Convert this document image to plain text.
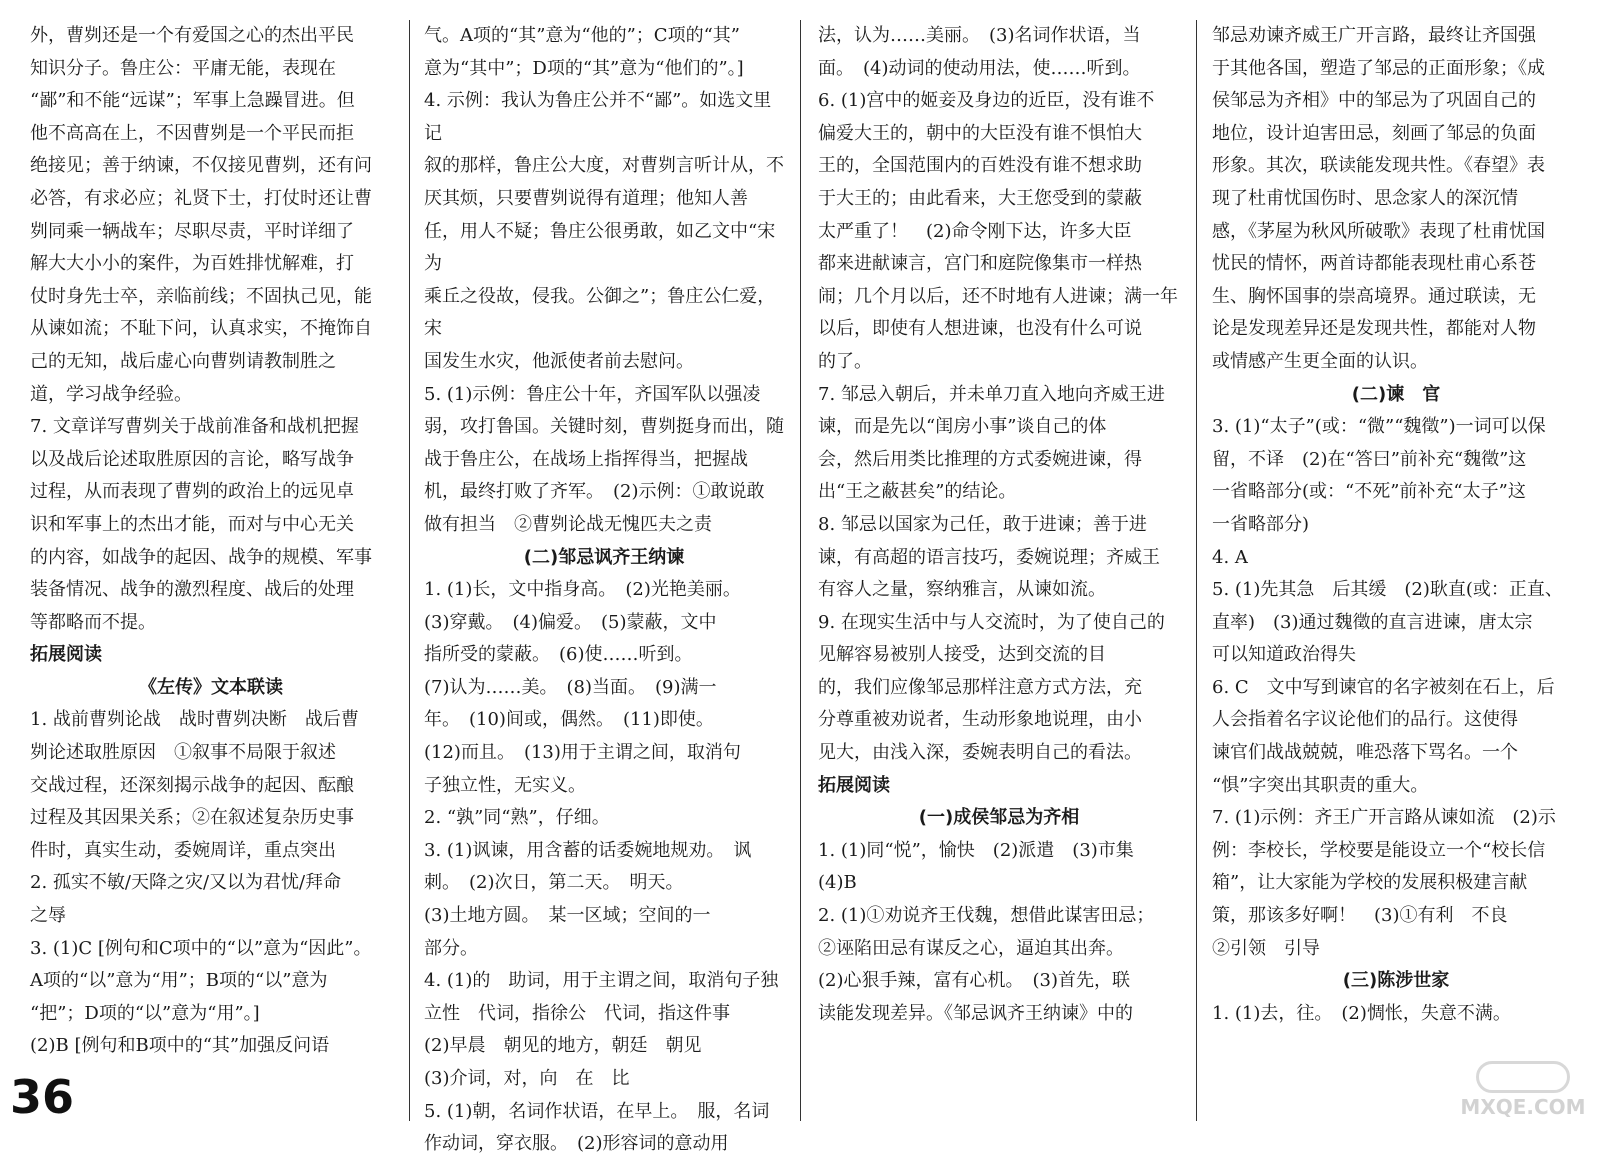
外，曹刿还是一个有爱国之心的杰出平民
知识分子。鲁庄公：平庸无能，表现在
“鄙”和不能“远谋”；军事上急躁冒进。但
他不高高在上，不因曹刿是一个平民而拒
绝接见；善于纳谏，不仅接见曹刿，还有问
必答，有求必应；礼贤下士，打仗时还让曹
刿同乘一辆战车；尽职尽责，平时详细了
解大大小小的案件，为百姓排忧解难，打
仗时身先士卒，亲临前线；不固执己见，能
从谏如流；不耻下问，认真求实，不掩饰自
己的无知，战后虚心向曹刿请教制胜之
道，学习战争经验。
7. 文章详写曹刿关于战前准备和战机把握
以及战后论述取胜原因的言论，略写战争
过程，从而表现了曹刿的政治上的远见卓
识和军事上的杰出才能，而对与中心无关
的内容，如战争的起因、战争的规模、军事
装备情况、战争的激烈程度、战后的处理
等都略而不提。
拓展阅读
《左传》文本联读
1. 战前曹刿论战　战时曹刿决断　战后曹
刿论述取胜原因　①叙事不局限于叙述
交战过程，还深刻揭示战争的起因、酝酿
过程及其因果关系；②在叙述复杂历史事
件时，真实生动，委婉周详，重点突出
2. 孤实不敏/天降之灾/又以为君忧/拜命
之辱
3. (1)C [例句和C项中的“以”意为“因此”。
A项的“以”意为“用”；B项的“以”意为
“把”；D项的“以”意为“用”。]
(2)B [例句和B项中的“其”加强反问语
气。A项的“其”意为“他的”；C项的“其”
意为“其中”；D项的“其”意为“他们的”。]
4. 示例：我认为鲁庄公并不“鄙”。如选文里记
叙的那样，鲁庄公大度，对曹刿言听计从，不
厌其烦，只要曹刿说得有道理；他知人善
任，用人不疑；鲁庄公很勇敢，如乙文中“宋为
乘丘之役故，侵我。公御之”；鲁庄公仁爱，宋
国发生水灾，他派使者前去慰问。
5. (1)示例：鲁庄公十年，齐国军队以强凌
弱，攻打鲁国。关键时刻，曹刿挺身而出，随
战于鲁庄公，在战场上指挥得当，把握战
机，最终打败了齐军。　(2)示例：①敢说敢
做有担当　②曹刿论战无愧匹夫之责
(二)邹忌讽齐王纳谏
1. (1)长，文中指身高。　(2)光艳美丽。
(3)穿戴。　(4)偏爱。　(5)蒙蔽，文中
指所受的蒙蔽。　(6)使……听到。
(7)认为……美。　(8)当面。　(9)满一
年。　(10)间或，偶然。　(11)即使。
(12)而且。　(13)用于主谓之间，取消句
子独立性，无实义。
2. “孰”同“熟”，仔细。
3. (1)讽谏，用含蓄的话委婉地规劝。　讽
刺。　(2)次日，第二天。　明天。
(3)土地方圆。　某一区域；空间的一
部分。
4. (1)的　助词，用于主谓之间，取消句子独
立性　代词，指徐公　代词，指这件事
(2)早晨　朝见的地方，朝廷　朝见
(3)介词，对，向　在　比
5. (1)朝，名词作状语，在早上。　服，名词
作动词，穿衣服。　(2)形容词的意动用
法，认为……美丽。　(3)名词作状语，当
面。　(4)动词的使动用法，使……听到。
6. (1)宫中的姬妾及身边的近臣，没有谁不
偏爱大王的，朝中的大臣没有谁不惧怕大
王的，全国范围内的百姓没有谁不想求助
于大王的；由此看来，大王您受到的蒙蔽
太严重了！　(2)命令刚下达，许多大臣
都来进献谏言，宫门和庭院像集市一样热
闹；几个月以后，还不时地有人进谏；满一年
以后，即使有人想进谏，也没有什么可说
的了。
7. 邹忌入朝后，并未单刀直入地向齐威王进
谏，而是先以“闺房小事”谈自己的体
会，然后用类比推理的方式委婉进谏，得
出“王之蔽甚矣”的结论。
8. 邹忌以国家为己任，敢于进谏；善于进
谏，有高超的语言技巧，委婉说理；齐威王
有容人之量，察纳雅言，从谏如流。
9. 在现实生活中与人交流时，为了使自己的
见解容易被别人接受，达到交流的目
的，我们应像邹忌那样注意方式方法，充
分尊重被劝说者，生动形象地说理，由小
见大，由浅入深，委婉表明自己的看法。
拓展阅读
(一)成侯邹忌为齐相
1. (1)同“悦”，愉快　(2)派遣　(3)市集
(4)B
2. (1)①劝说齐王伐魏，想借此谋害田忌；
②诬陷田忌有谋反之心，逼迫其出奔。
(2)心狠手辣，富有心机。　(3)首先，联
读能发现差异。《邹忌讽齐王纳谏》中的
邹忌劝谏齐威王广开言路，最终让齐国强
于其他各国，塑造了邹忌的正面形象；《成
侯邹忌为齐相》中的邹忌为了巩固自己的
地位，设计迫害田忌，刻画了邹忌的负面
形象。其次，联读能发现共性。《春望》表
现了杜甫忧国伤时、思念家人的深沉情
感，《茅屋为秋风所破歌》表现了杜甫忧国
忧民的情怀，两首诗都能表现杜甫心系苍
生、胸怀国事的崇高境界。通过联读，无
论是发现差异还是发现共性，都能对人物
或情感产生更全面的认识。
(二)谏　官
3. (1)“太子”(或：“微”“魏徵”)一词可以保
留，不译　(2)在“答曰”前补充“魏徵”这
一省略部分(或：“不死”前补充“太子”这
一省略部分)
4. A
5. (1)先其急　后其缓　(2)耿直(或：正直、
直率)　(3)通过魏徵的直言进谏，唐太宗
可以知道政治得失
6. C　文中写到谏官的名字被刻在石上，后
人会指着名字议论他们的品行。这使得
谏官们战战兢兢，唯恐落下骂名。一个
“惧”字突出其职责的重大。
7. (1)示例：齐王广开言路从谏如流　(2)示
例：李校长，学校要是能设立一个“校长信
箱”，让大家能为学校的发展积极建言献
策，那该多好啊！　(3)①有利　不良
②引领　引导
(三)陈涉世家
1. (1)去，往。　(2)惆怅，失意不满。
36	MXQE.COM
